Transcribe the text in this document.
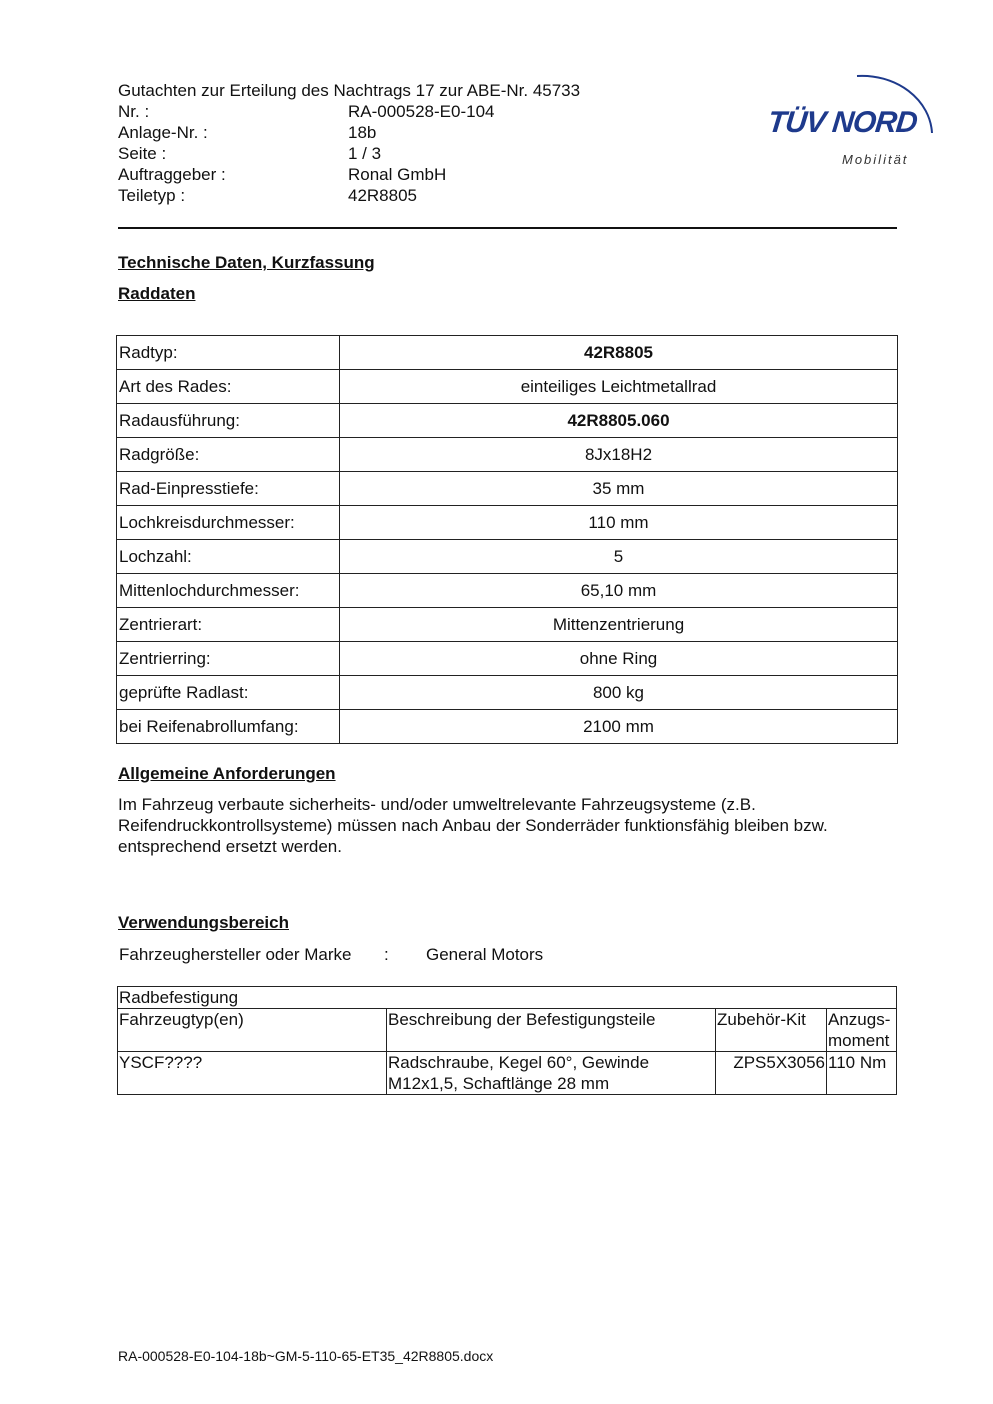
Gutachten zur Erteilung des Nachtrags 17 zur ABE-Nr. 45733
Nr. :	RA-000528-E0-104
Anlage-Nr. :	18b
Seite :	1 / 3
Auftraggeber :	Ronal GmbH
Teiletyp :	42R8805
TÜV NORD
Mobilität
Technische Daten, Kurzfassung
Raddaten
Radtyp:	42R8805
Art des Rades:	einteiliges Leichtmetallrad
Radausführung:	42R8805.060
Radgröße:	8Jx18H2
Rad-Einpresstiefe:	35 mm
Lochkreisdurchmesser:	110 mm
Lochzahl:	5
Mittenlochdurchmesser:	65,10 mm
Zentrierart:	Mittenzentrierung
Zentrierring:	ohne Ring
geprüfte Radlast:	800 kg
bei Reifenabrollumfang:	2100 mm
Allgemeine Anforderungen
Im Fahrzeug verbaute sicherheits- und/oder umweltrelevante Fahrzeugsysteme (z.B. Reifendruckkontrollsysteme) müssen nach Anbau der Sonderräder funktionsfähig bleiben bzw. entsprechend ersetzt werden.
Verwendungsbereich
Fahrzeughersteller oder Marke : General Motors
Radbefestigung			
Fahrzeugtyp(en)	Beschreibung der Befestigungsteile	Zubehör-Kit	Anzugs-moment
YSCF????	Radschraube, Kegel 60°, Gewinde M12x1,5, Schaftlänge 28 mm	ZPS5X3056	110 Nm
RA-000528-E0-104-18b~GM-5-110-65-ET35_42R8805.docx
